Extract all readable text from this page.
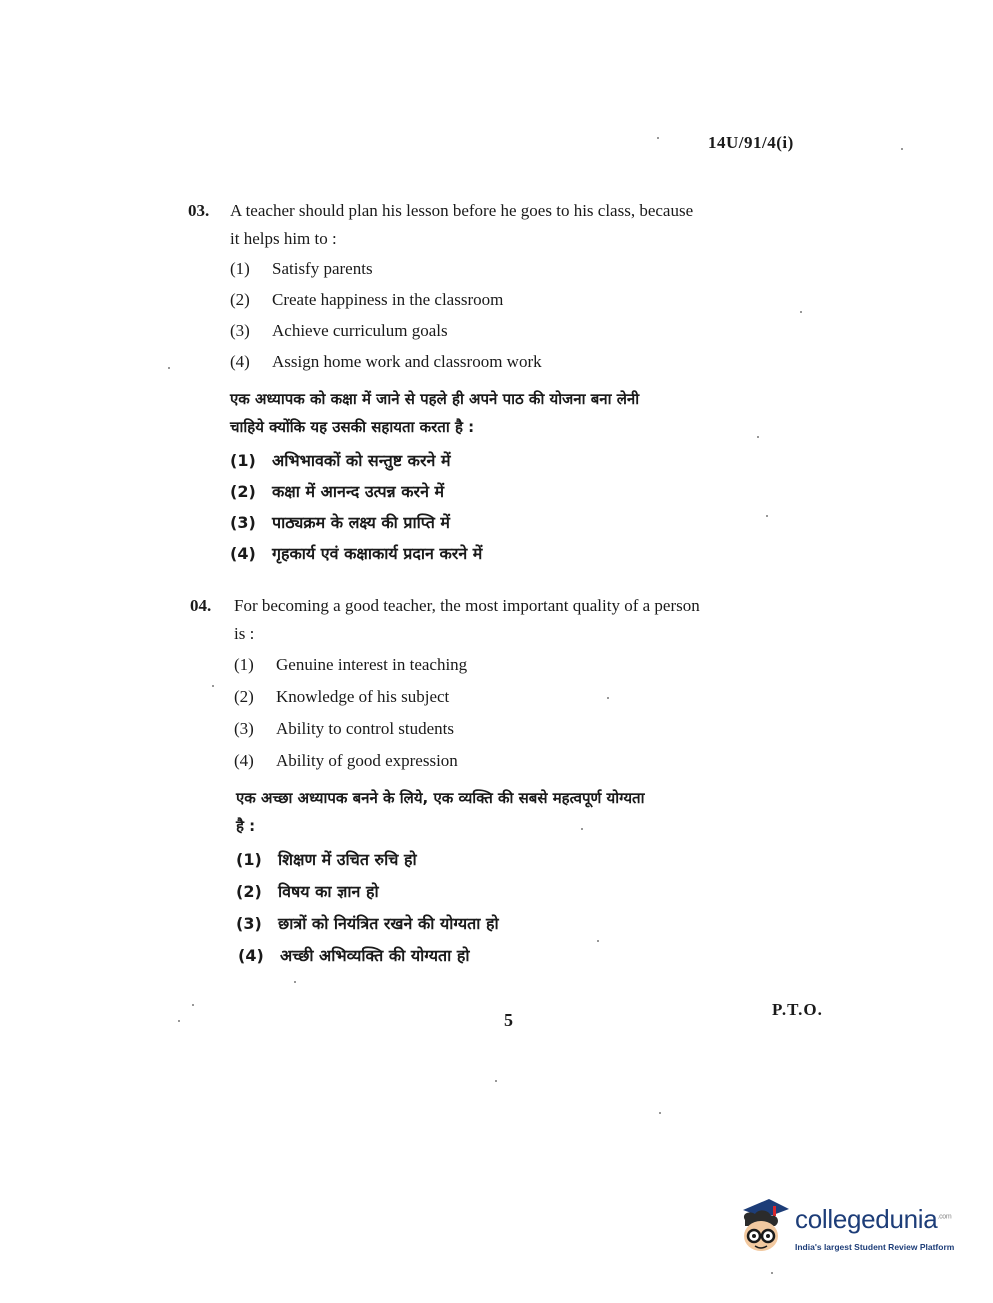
14U/91/4(i)
03. A teacher should plan his lesson before he goes to his class, because
it helps him to :
(1) Satisfy parents
(2) Create happiness in the classroom
(3) Achieve curriculum goals
(4) Assign home work and classroom work
एक अध्यापक को कक्षा में जाने से पहले ही अपने पाठ की योजना बना लेनी
चाहिये क्योंकि यह उसकी सहायता करता है :
(1) अभिभावकों को सन्तुष्ट करने में
(2) कक्षा में आनन्द उत्पन्न करने में
(3) पाठ्यक्रम के लक्ष्य की प्राप्ति में
(4) गृहकार्य एवं कक्षाकार्य प्रदान करने में
04. For becoming a good teacher, the most important quality of a person
is :
(1) Genuine interest in teaching
(2) Knowledge of his subject
(3) Ability to control students
(4) Ability of good expression
एक अच्छा अध्यापक बनने के लिये, एक व्यक्ति की सबसे महत्वपूर्ण योग्यता
है :
(1) शिक्षण में उचित रुचि हो
(2) विषय का ज्ञान हो
(3) छात्रों को नियंत्रित रखने की योग्यता हो
(4) अच्छी अभिव्यक्ति की योग्यता हो
5
P.T.O.
collegedunia$^{.com}$
India's largest Student Review Platform
